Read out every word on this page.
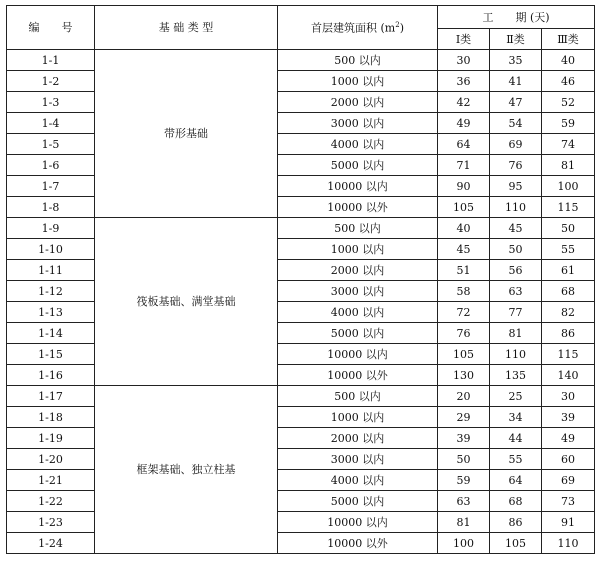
编　　号	基 础 类 型	首层建筑面积 $(m^2)$	工　　期 (天)		
			Ⅰ类	Ⅱ类	Ⅲ类
1-1	带形基础	500 以内	30	35	40
1-2		1000 以内	36	41	46
1-3		2000 以内	42	47	52
1-4		3000 以内	49	54	59
1-5		4000 以内	64	69	74
1-6		5000 以内	71	76	81
1-7		10000 以内	90	95	100
1-8		10000 以外	105	110	115
1-9	筏板基础、满堂基础	500 以内	40	45	50
1-10		1000 以内	45	50	55
1-11		2000 以内	51	56	61
1-12		3000 以内	58	63	68
1-13		4000 以内	72	77	82
1-14		5000 以内	76	81	86
1-15		10000 以内	105	110	115
1-16		10000 以外	130	135	140
1-17	框架基础、独立柱基	500 以内	20	25	30
1-18		1000 以内	29	34	39
1-19		2000 以内	39	44	49
1-20		3000 以内	50	55	60
1-21		4000 以内	59	64	69
1-22		5000 以内	63	68	73
1-23		10000 以内	81	86	91
1-24		10000 以外	100	105	110
